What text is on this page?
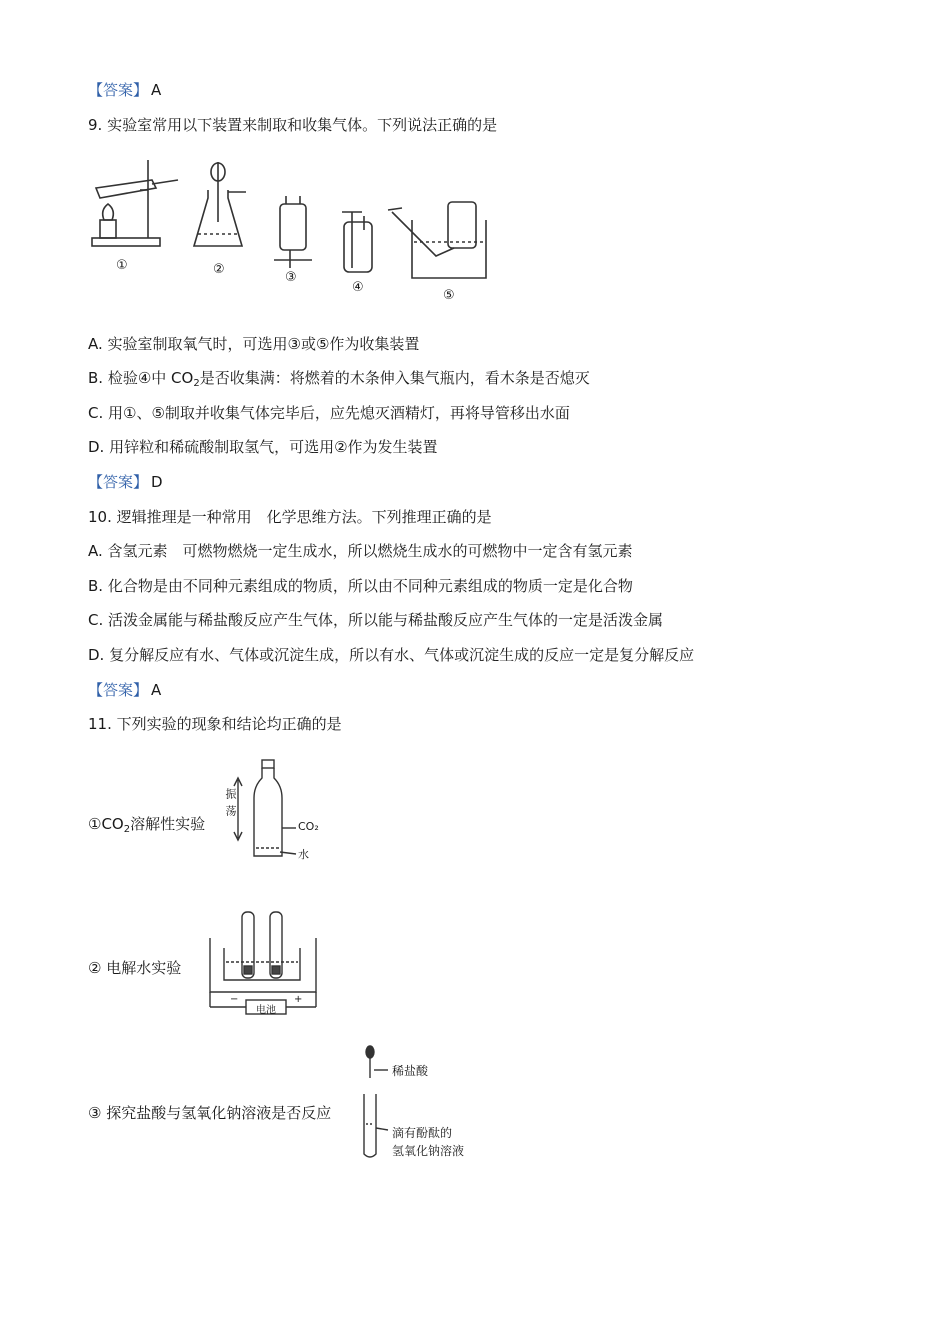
【答案】 A
9. 实验室常用以下装置来制取和收集气体。下列说法正确的是
①	②
③
④
⑤
A. 实验室制取氧气时，可选用③或⑤作为收集装置
B. 检验④中 $CO_2$是否收集满：将燃着的木条伸入集气瓶内，看木条是否熄灭
C. 用①、⑤制取并收集气体完毕后，应先熄灭酒精灯，再将导管移出水面
D. 用锌粒和稀硫酸制取氢气，可选用②作为发生装置
【答案】 D
10. 逻辑推理是一种常用　化学思维方法。下列推理正确的是
A. 含氢元素　可燃物燃烧一定生成水，所以燃烧生成水的可燃物中一定含有氢元素
B. 化合物是由不同种元素组成的物质，所以由不同种元素组成的物质一定是化合物
C. 活泼金属能与稀盐酸反应产生气体，所以能与稀盐酸反应产生气体的一定是活泼金属
D. 复分解反应有水、气体或沉淀生成，所以有水、气体或沉淀生成的反应一定是复分解反应
【答案】 A
11. 下列实验的现象和结论均正确的是
$①CO_2$溶解性实验
振荡
CO₂
水
② 电解水实验
电池
−	+
③ 探究盐酸与氢氧化钠溶液是否反应
稀盐酸
滴有酚酞的
氢氧化钠溶液
